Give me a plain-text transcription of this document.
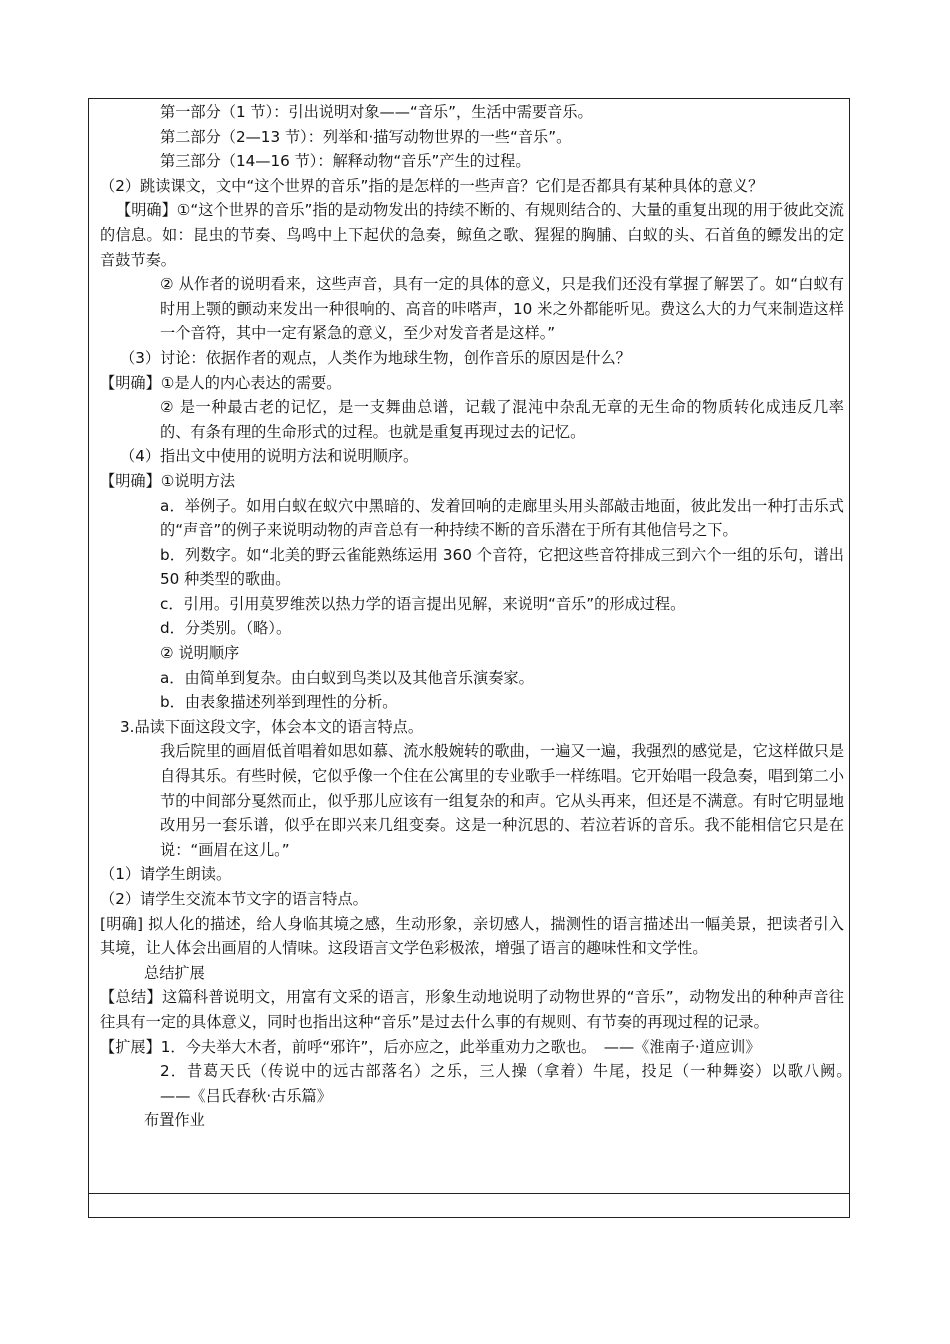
第一部分（1 节）：引出说明对象——“音乐”，生活中需要音乐。

第二部分（2—13 节）：列举和·描写动物世界的一些“音乐”。

第三部分（14—16 节）：解释动物“音乐”产生的过程。

（2）跳读课文，文中“这个世界的音乐”指的是怎样的一些声音？它们是否都具有某种具体的意义？

【明确】①“这个世界的音乐”指的是动物发出的持续不断的、有规则结合的、大量的重复出现的用于彼此交流的信息。如：昆虫的节奏、鸟鸣中上下起伏的急奏，鲸鱼之歌、猩猩的胸脯、白蚁的头、石首鱼的鳔发出的定音鼓节奏。

② 从作者的说明看来，这些声音，具有一定的具体的意义，只是我们还没有掌握了解罢了。如“白蚁有时用上颚的颤动来发出一种很响的、高音的咔嗒声，10 米之外都能听见。费这么大的力气来制造这样一个音符，其中一定有紧急的意义，至少对发音者是这样。”

（3）讨论：依据作者的观点，人类作为地球生物，创作音乐的原因是什么？

【明确】①是人的内心表达的需要。

② 是一种最古老的记忆，是一支舞曲总谱，记载了混沌中杂乱无章的无生命的物质转化成违反几率的、有条有理的生命形式的过程。也就是重复再现过去的记忆。

（4）指出文中使用的说明方法和说明顺序。

【明确】①说明方法

a．举例子。如用白蚁在蚁穴中黑暗的、发着回响的走廊里头用头部敲击地面，彼此发出一种打击乐式的“声音”的例子来说明动物的声音总有一种持续不断的音乐潜在于所有其他信号之下。

b．列数字。如“北美的野云雀能熟练运用 360 个音符，它把这些音符排成三到六个一组的乐句，谱出 50 种类型的歌曲。

c．引用。引用莫罗维茨以热力学的语言提出见解，来说明“音乐”的形成过程。

d．分类别。（略）。

② 说明顺序

a．由简单到复杂。由白蚁到鸟类以及其他音乐演奏家。

b．由表象描述列举到理性的分析。

3.品读下面这段文字，体会本文的语言特点。

我后院里的画眉低首唱着如思如慕、流水般婉转的歌曲，一遍又一遍，我强烈的感觉是，它这样做只是自得其乐。有些时候，它似乎像一个住在公寓里的专业歌手一样练唱。它开始唱一段急奏，唱到第二小节的中间部分戛然而止，似乎那儿应该有一组复杂的和声。它从头再来，但还是不满意。有时它明显地改用另一套乐谱，似乎在即兴来几组变奏。这是一种沉思的、若泣若诉的音乐。我不能相信它只是在说：“画眉在这儿。”

（1）请学生朗读。

（2）请学生交流本节文字的语言特点。

[明确] 拟人化的描述，给人身临其境之感，生动形象，亲切感人，揣测性的语言描述出一幅美景，把读者引入其境，让人体会出画眉的人情味。这段语言文学色彩极浓，增强了语言的趣味性和文学性。

总结扩展

【总结】这篇科普说明文，用富有文采的语言，形象生动地说明了动物世界的“音乐”，动物发出的种种声音往往具有一定的具体意义，同时也指出这种“音乐”是过去什么事的有规则、有节奏的再现过程的记录。

【扩展】1．今夫举大木者，前呼“邪许”，后亦应之，此举重劝力之歌也。　——《淮南子·道应训》

2．昔葛天氏（传说中的远古部落名）之乐，三人操（拿着）牛尾，投足（一种舞姿）以歌八阙。　——《吕氏春秋·古乐篇》

布置作业
